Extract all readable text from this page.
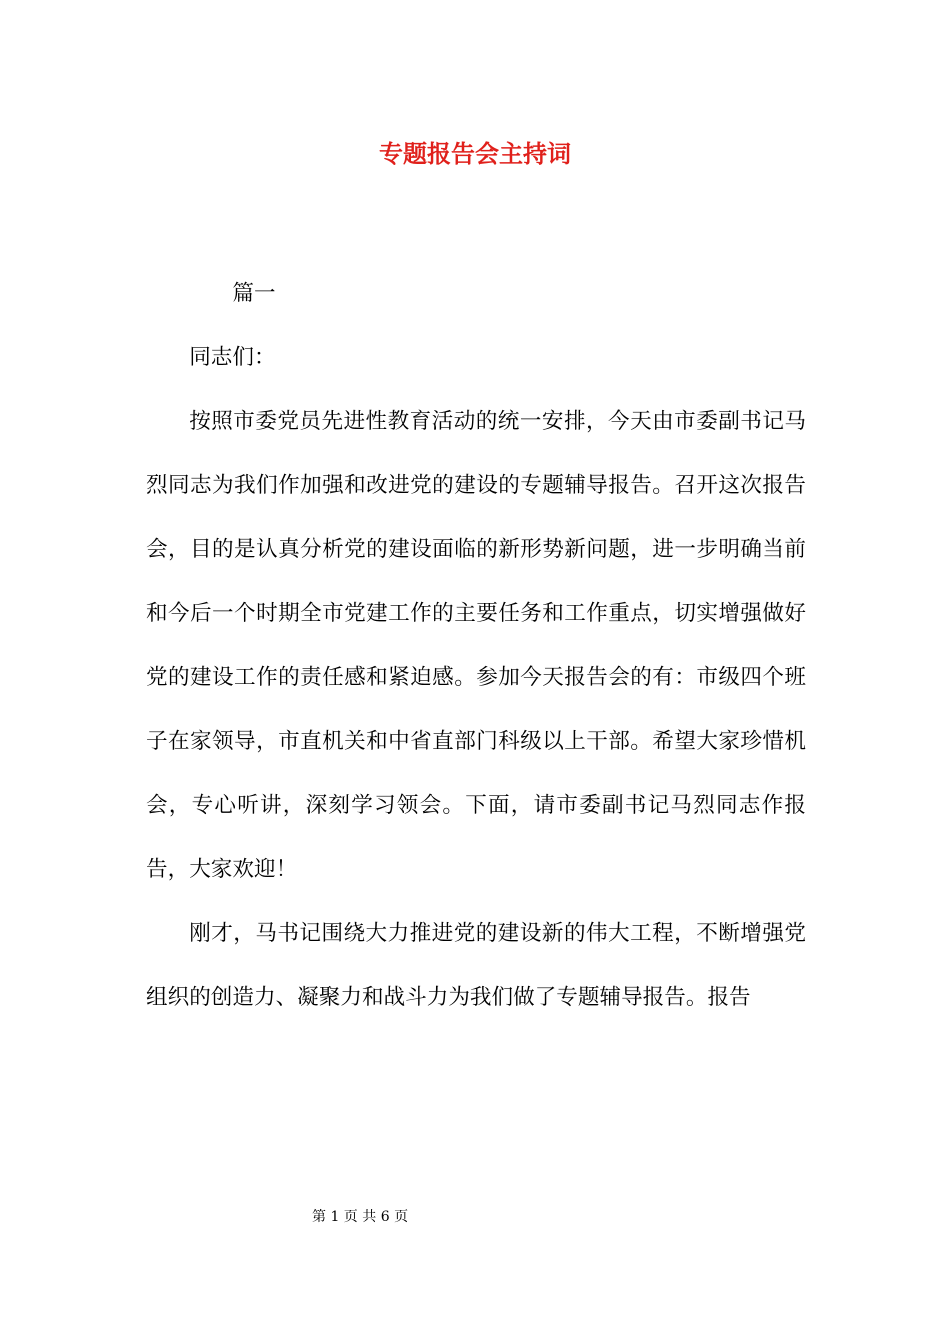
专题报告会主持词

篇一

同志们：

按照市委党员先进性教育活动的统一安排，今天由市委副书记马烈同志为我们作加强和改进党的建设的专题辅导报告。召开这次报告会，目的是认真分析党的建设面临的新形势新问题，进一步明确当前和今后一个时期全市党建工作的主要任务和工作重点，切实增强做好党的建设工作的责任感和紧迫感。参加今天报告会的有：市级四个班子在家领导，市直机关和中省直部门科级以上干部。希望大家珍惜机会，专心听讲，深刻学习领会。下面，请市委副书记马烈同志作报告，大家欢迎！

刚才，马书记围绕大力推进党的建设新的伟大工程，不断增强党组织的创造力、凝聚力和战斗力为我们做了专题辅导报告。报告

第 1 页 共 6 页
